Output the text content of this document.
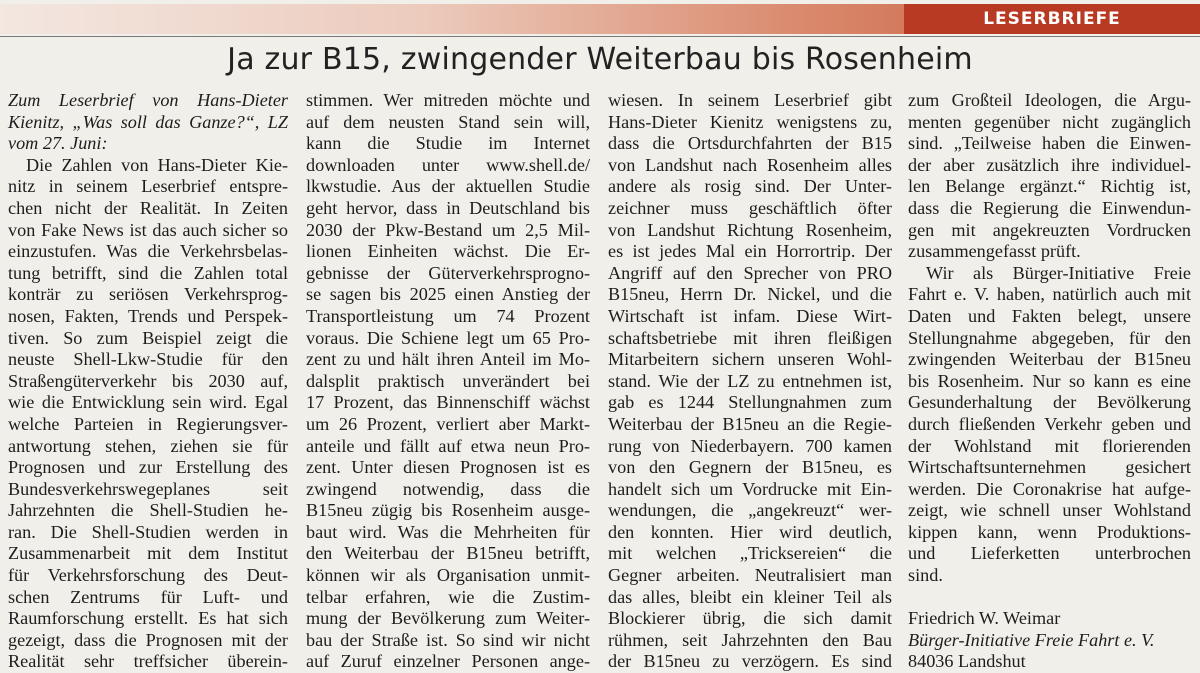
LESERBRIEFE
Ja zur B15, zwingender Weiterbau bis Rosenheim
Zum Leserbrief von Hans-Dieter
Kienitz, „Was soll das Ganze?“, LZ
vom 27. Juni:
Die Zahlen von Hans-Dieter Kie-
nitz in seinem Leserbrief entspre-
chen nicht der Realität. In Zeiten
von Fake News ist das auch sicher so
einzustufen. Was die Verkehrsbelas-
tung betrifft, sind die Zahlen total
konträr zu seriösen Verkehrsprog-
nosen, Fakten, Trends und Perspek-
tiven. So zum Beispiel zeigt die
neuste Shell-Lkw-Studie für den
Straßengüterverkehr bis 2030 auf,
wie die Entwicklung sein wird. Egal
welche Parteien in Regierungsver-
antwortung stehen, ziehen sie für
Prognosen und zur Erstellung des
Bundesverkehrswegeplanes seit
Jahrzehnten die Shell-Studien he-
ran. Die Shell-Studien werden in
Zusammenarbeit mit dem Institut
für Verkehrsforschung des Deut-
schen Zentrums für Luft- und
Raumforschung erstellt. Es hat sich
gezeigt, dass die Prognosen mit der
Realität sehr treffsicher überein-
stimmen. Wer mitreden möchte und
auf dem neusten Stand sein will,
kann die Studie im Internet
downloaden unter www.shell.de/
lkwstudie. Aus der aktuellen Studie
geht hervor, dass in Deutschland bis
2030 der Pkw-Bestand um 2,5 Mil-
lionen Einheiten wächst. Die Er-
gebnisse der Güterverkehrsprogno-
se sagen bis 2025 einen Anstieg der
Transportleistung um 74 Prozent
voraus. Die Schiene legt um 65 Pro-
zent zu und hält ihren Anteil im Mo-
dalsplit praktisch unverändert bei
17 Prozent, das Binnenschiff wächst
um 26 Prozent, verliert aber Markt-
anteile und fällt auf etwa neun Pro-
zent. Unter diesen Prognosen ist es
zwingend notwendig, dass die
B15neu zügig bis Rosenheim ausge-
baut wird. Was die Mehrheiten für
den Weiterbau der B15neu betrifft,
können wir als Organisation unmit-
telbar erfahren, wie die Zustim-
mung der Bevölkerung zum Weiter-
bau der Straße ist. So sind wir nicht
auf Zuruf einzelner Personen ange-
wiesen. In seinem Leserbrief gibt
Hans-Dieter Kienitz wenigstens zu,
dass die Ortsdurchfahrten der B15
von Landshut nach Rosenheim alles
andere als rosig sind. Der Unter-
zeichner muss geschäftlich öfter
von Landshut Richtung Rosenheim,
es ist jedes Mal ein Horrortrip. Der
Angriff auf den Sprecher von PRO
B15neu, Herrn Dr. Nickel, und die
Wirtschaft ist infam. Diese Wirt-
schaftsbetriebe mit ihren fleißigen
Mitarbeitern sichern unseren Wohl-
stand. Wie der LZ zu entnehmen ist,
gab es 1244 Stellungnahmen zum
Weiterbau der B15neu an die Regie-
rung von Niederbayern. 700 kamen
von den Gegnern der B15neu, es
handelt sich um Vordrucke mit Ein-
wendungen, die „angekreuzt“ wer-
den konnten. Hier wird deutlich,
mit welchen „Tricksereien“ die
Gegner arbeiten. Neutralisiert man
das alles, bleibt ein kleiner Teil als
Blockierer übrig, die sich damit
rühmen, seit Jahrzehnten den Bau
der B15neu zu verzögern. Es sind
zum Großteil Ideologen, die Argu-
menten gegenüber nicht zugänglich
sind. „Teilweise haben die Einwen-
der aber zusätzlich ihre individuel-
len Belange ergänzt.“ Richtig ist,
dass die Regierung die Einwendun-
gen mit angekreuzten Vordrucken
zusammengefasst prüft.
Wir als Bürger-Initiative Freie
Fahrt e. V. haben, natürlich auch mit
Daten und Fakten belegt, unsere
Stellungnahme abgegeben, für den
zwingenden Weiterbau der B15neu
bis Rosenheim. Nur so kann es eine
Gesunderhaltung der Bevölkerung
durch fließenden Verkehr geben und
der Wohlstand mit florierenden
Wirtschaftsunternehmen gesichert
werden. Die Coronakrise hat aufge-
zeigt, wie schnell unser Wohlstand
kippen kann, wenn Produktions-
und Lieferketten unterbrochen
sind.
Friedrich W. Weimar
Bürger-Initiative Freie Fahrt e. V.
84036 Landshut
